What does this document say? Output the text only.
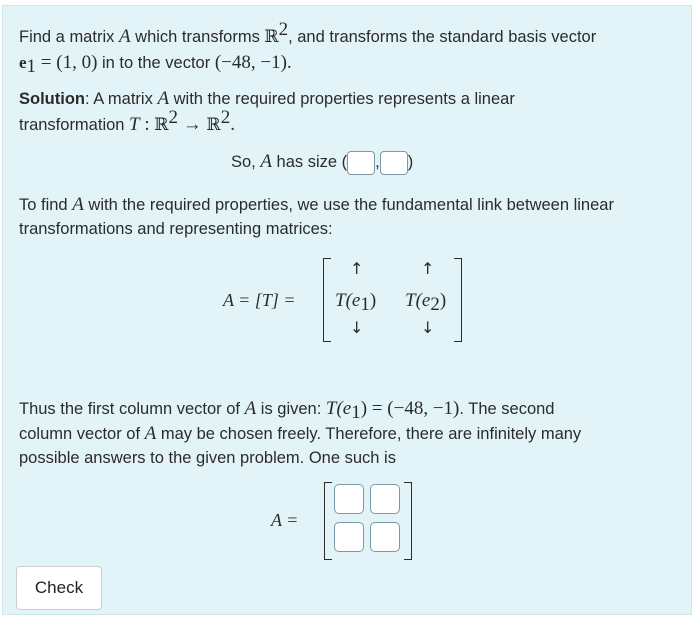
Find a matrix A which transforms ℝ$^2$, and transforms the standard basis vector
$e_1 = (1$, 0) in to the vector (−48, −1).
Solution: A matrix A with the required properties represents a linear
transformation T : ℝ$^2$ → ℝ$^2$.
So, A has size ( , )
To find A with the required properties, we use the fundamental link between linear
transformations and representing matrices:
A = [T] =
↑	↑
$T(e_1)$ $T(e_2)$
↓	↓
Thus the first column vector of A is given: $T(e_1) = (-48$, −1). The second
column vector of A may be chosen freely. Therefore, there are infinitely many
possible answers to the given problem. One such is
A =
Check
